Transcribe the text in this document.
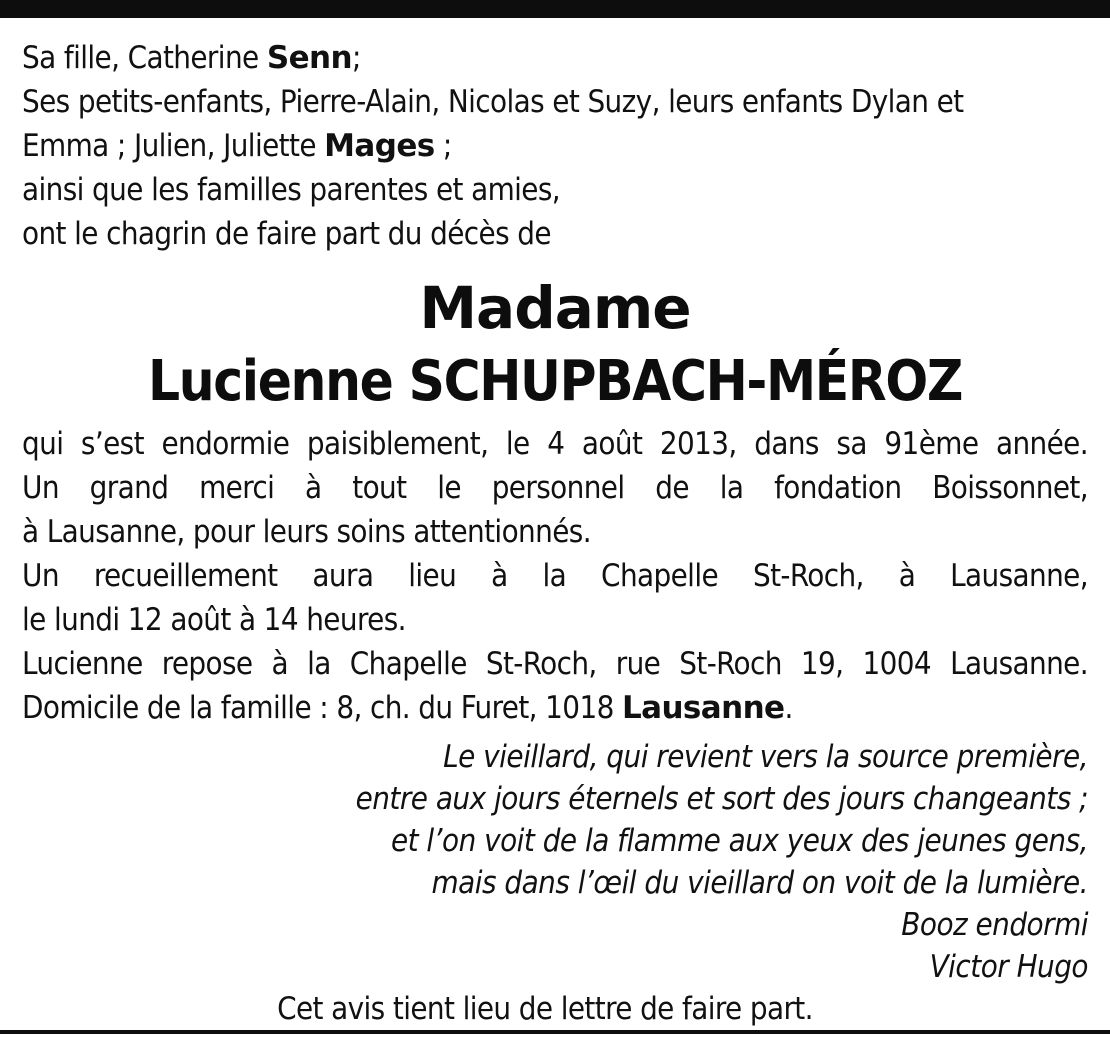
Sa fille, Catherine Senn;
Ses petits-enfants, Pierre-Alain, Nicolas et Suzy, leurs enfants Dylan et
Emma ; Julien, Juliette Mages ;
ainsi que les familles parentes et amies,
ont le chagrin de faire part du décès de
Madame
Lucienne SCHUPBACH-MÉROZ
qui s’est endormie paisiblement, le 4 août 2013, dans sa 91ème année.
Un grand merci à tout le personnel de la fondation Boissonnet,
à Lausanne, pour leurs soins attentionnés.
Un recueillement aura lieu à la Chapelle St-Roch, à Lausanne,
le lundi 12 août à 14 heures.
Lucienne repose à la Chapelle St-Roch, rue St-Roch 19, 1004 Lausanne.
Domicile de la famille : 8, ch. du Furet, 1018 Lausanne.
Le vieillard, qui revient vers la source première,
entre aux jours éternels et sort des jours changeants ;
et l’on voit de la flamme aux yeux des jeunes gens,
mais dans l’œil du vieillard on voit de la lumière.
Booz endormi
Victor Hugo
Cet avis tient lieu de lettre de faire part.
